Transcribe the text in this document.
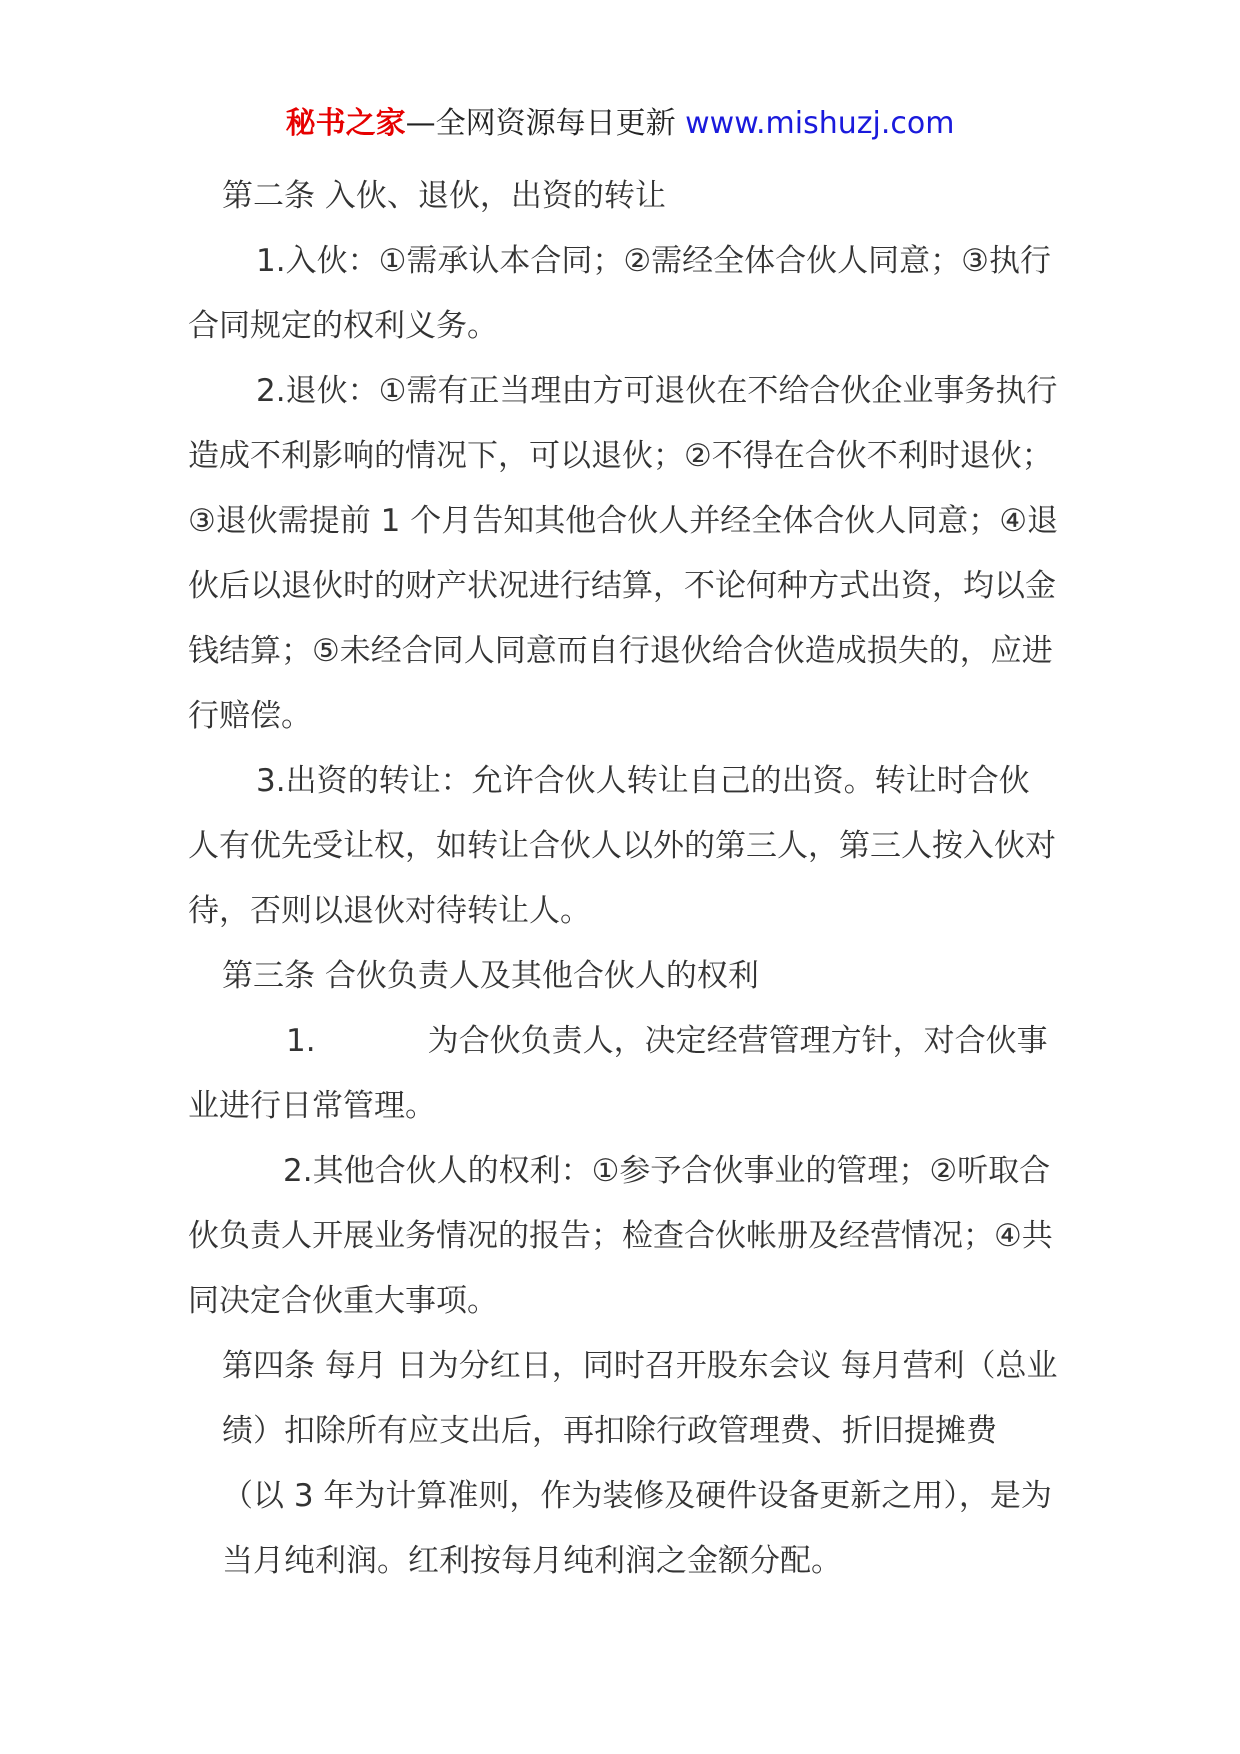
秘书之家—全网资源每日更新 www.mishuzj.com

第二条 入伙、退伙，出资的转让

1.入伙：①需承认本合同；②需经全体合伙人同意；③执行合同规定的权利义务。

2.退伙：①需有正当理由方可退伙在不给合伙企业事务执行造成不利影响的情况下，可以退伙；②不得在合伙不利时退伙；③退伙需提前 1 个月告知其他合伙人并经全体合伙人同意；④退伙后以退伙时的财产状况进行结算，不论何种方式出资，均以金钱结算；⑤未经合同人同意而自行退伙给合伙造成损失的，应进行赔偿。

3.出资的转让：允许合伙人转让自己的出资。转让时合伙人有优先受让权，如转让合伙人以外的第三人，第三人按入伙对待，否则以退伙对待转让人。

第三条 合伙负责人及其他合伙人的权利

1.	为合伙负责人，决定经营管理方针，对合伙事业进行日常管理。

2.其他合伙人的权利：①参予合伙事业的管理；②听取合伙负责人开展业务情况的报告；检查合伙帐册及经营情况；④共同决定合伙重大事项。

第四条 每月 日为分红日，同时召开股东会议 每月营利（总业绩）扣除所有应支出后，再扣除行政管理费、折旧提摊费（以 3 年为计算准则，作为装修及硬件设备更新之用），是为当月纯利润。红利按每月纯利润之金额分配。
